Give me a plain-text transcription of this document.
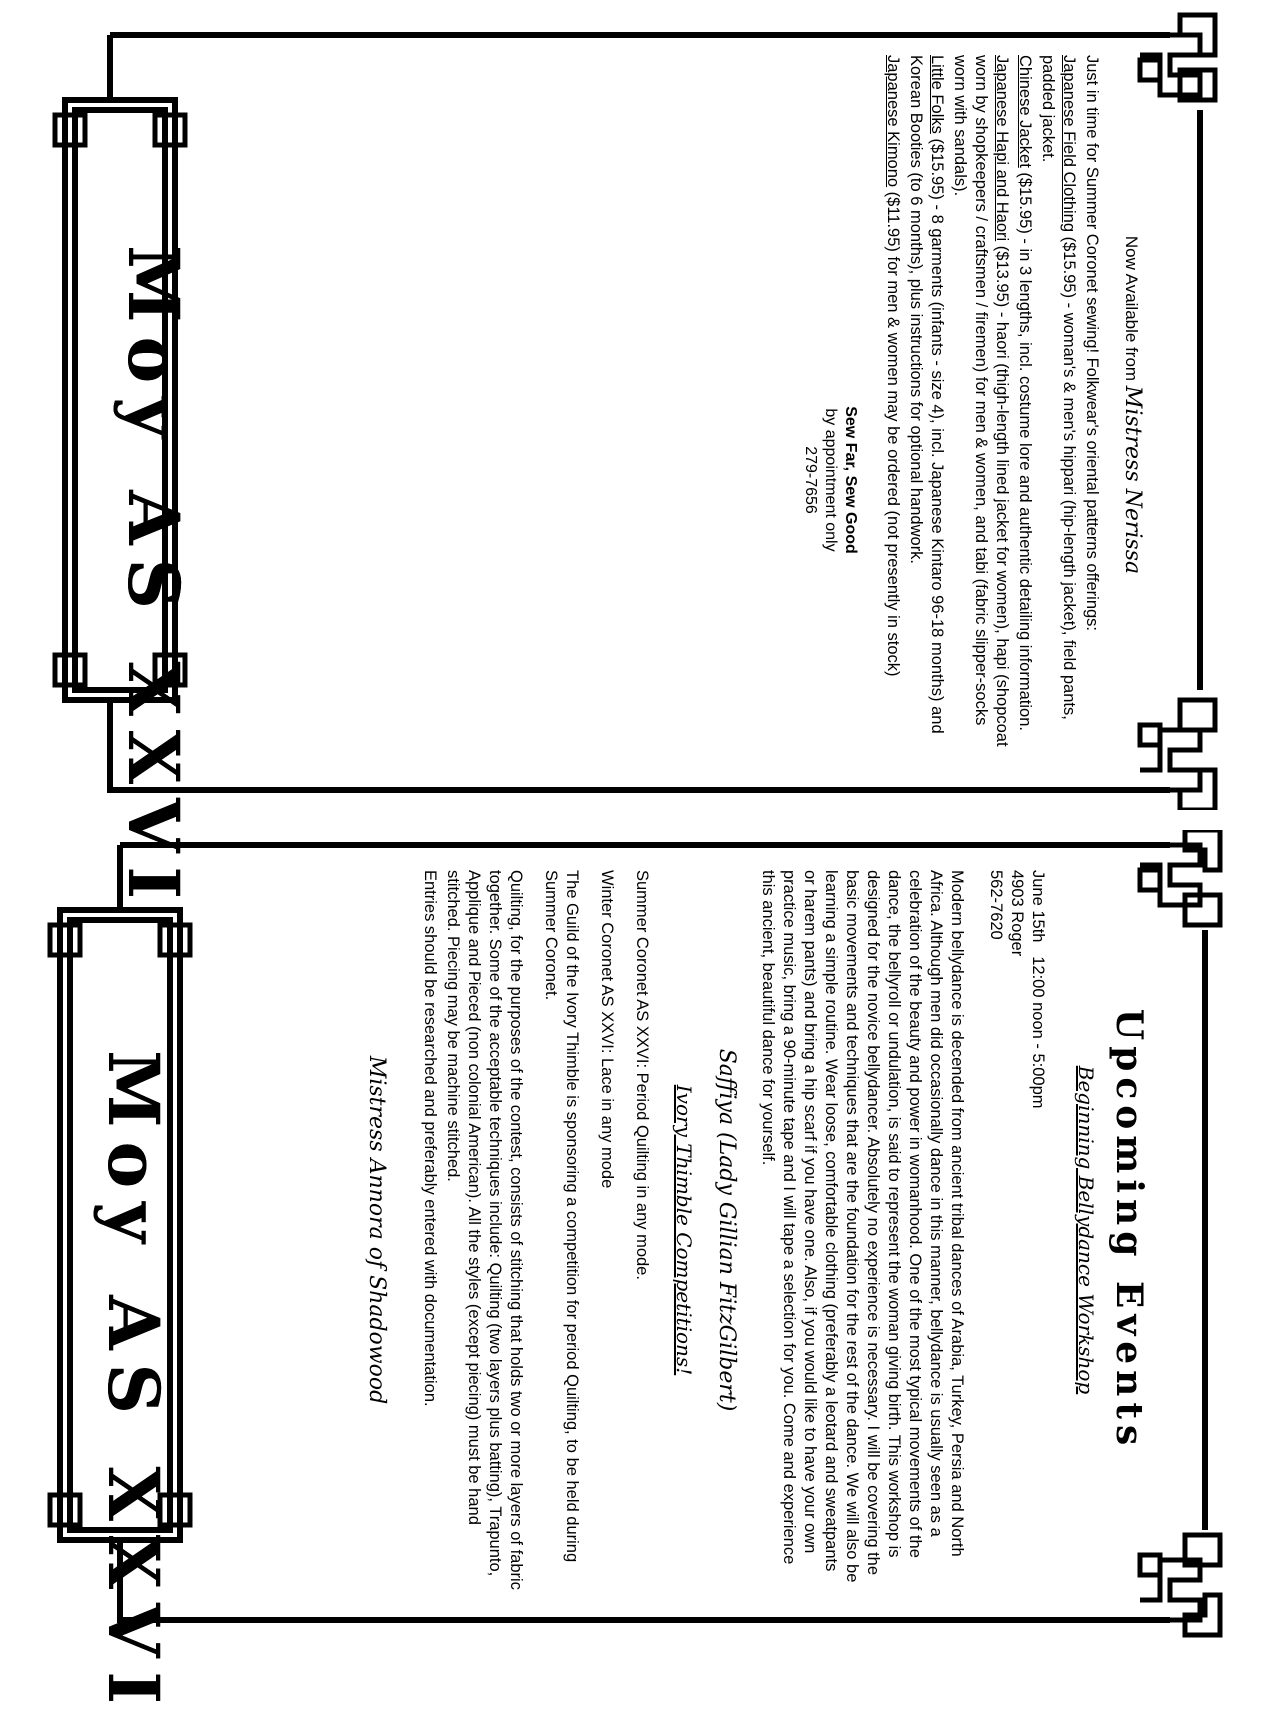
Moy AS XXVI	Now Available from Mistress Nerissa

Just in time for Summer Coronet sewing! Folkwear's oriental patterns offerings:

Japanese Field Clothing ($15.95) - woman's & men's hippari (hip-length jacket), field pants, padded jacket.

Chinese Jacket ($15.95) - in 3 lengths, incl. costume lore and authentic detailing information.

Japanese Hapi and Haori ($13.95) - haori (thigh-length lined jacket for women), hapi (shopcoat worn by shopkeepers / craftsmen / firemen) for men & women, and tabi (fabric slipper-socks worn with sandals).

Little Folks ($15.95) - 8 garments (infants - size 4), incl. Japanese Kintaro 96-18 months) and Korean Booties (to 6 months), plus instructions for optional handwork.

Japanese Kimono ($11.95) for men & women may be ordered (not presently in stock)

Sew Far, Sew Good
by appointment only
279-7656
Moy AS XXVI	Upcoming Events
Beginning Bellydance Workshop
June 15th   12:00 noon - 5:00pm
4903 Roger
562-7620

Modern bellydance is decended from ancient tribal dances of Arabia, Turkey, Persia and North Africa. Although men did occasionally dance in this manner, bellydance is usually seen as a celebration of the beauty and power in womanhood. One of the most typical movements of the dance, the bellyroll or undulation, is said to represent the woman giving birth. This workshop is designed for the novice bellydancer. Absolutely no experience is necessary. I will be covering the basic movements and techniques that are the foundation for the rest of the dance. We will also be learning a simple routine. Wear loose, comfortable clothing (preferably a leotard and sweatpants or harem pants) and bring a hip scarf if you have one. Also, if you would like to have your own practice music, bring a 90-minute tape and I will tape a selection for you. Come and experience this ancient, beautiful dance for yourself.

Saffiya (Lady Gillian FitzGilbert)
Ivory Thimble Competitions!

Summer Coronet AS XXVI: Period Quilting in any mode.

Winter Coronet AS XXVI: Lace in any mode

The Guild of the Ivory Thimble is sponsoring a competition for period Quilting, to be held during Summer Coronet.

Quilting, for the purposes of the contest, consists of stitching that holds two or more layers of fabric together. Some of the acceptable techniques include: Quilting (two layers plus batting), Trapunto, Applique and Pieced (non colonial American). All the styles (except piecing) must be hand stitched. Piecing may be machine stitched.

Entries should be researched and preferably entered with documentation.

Mistress Annora of Shadowood
